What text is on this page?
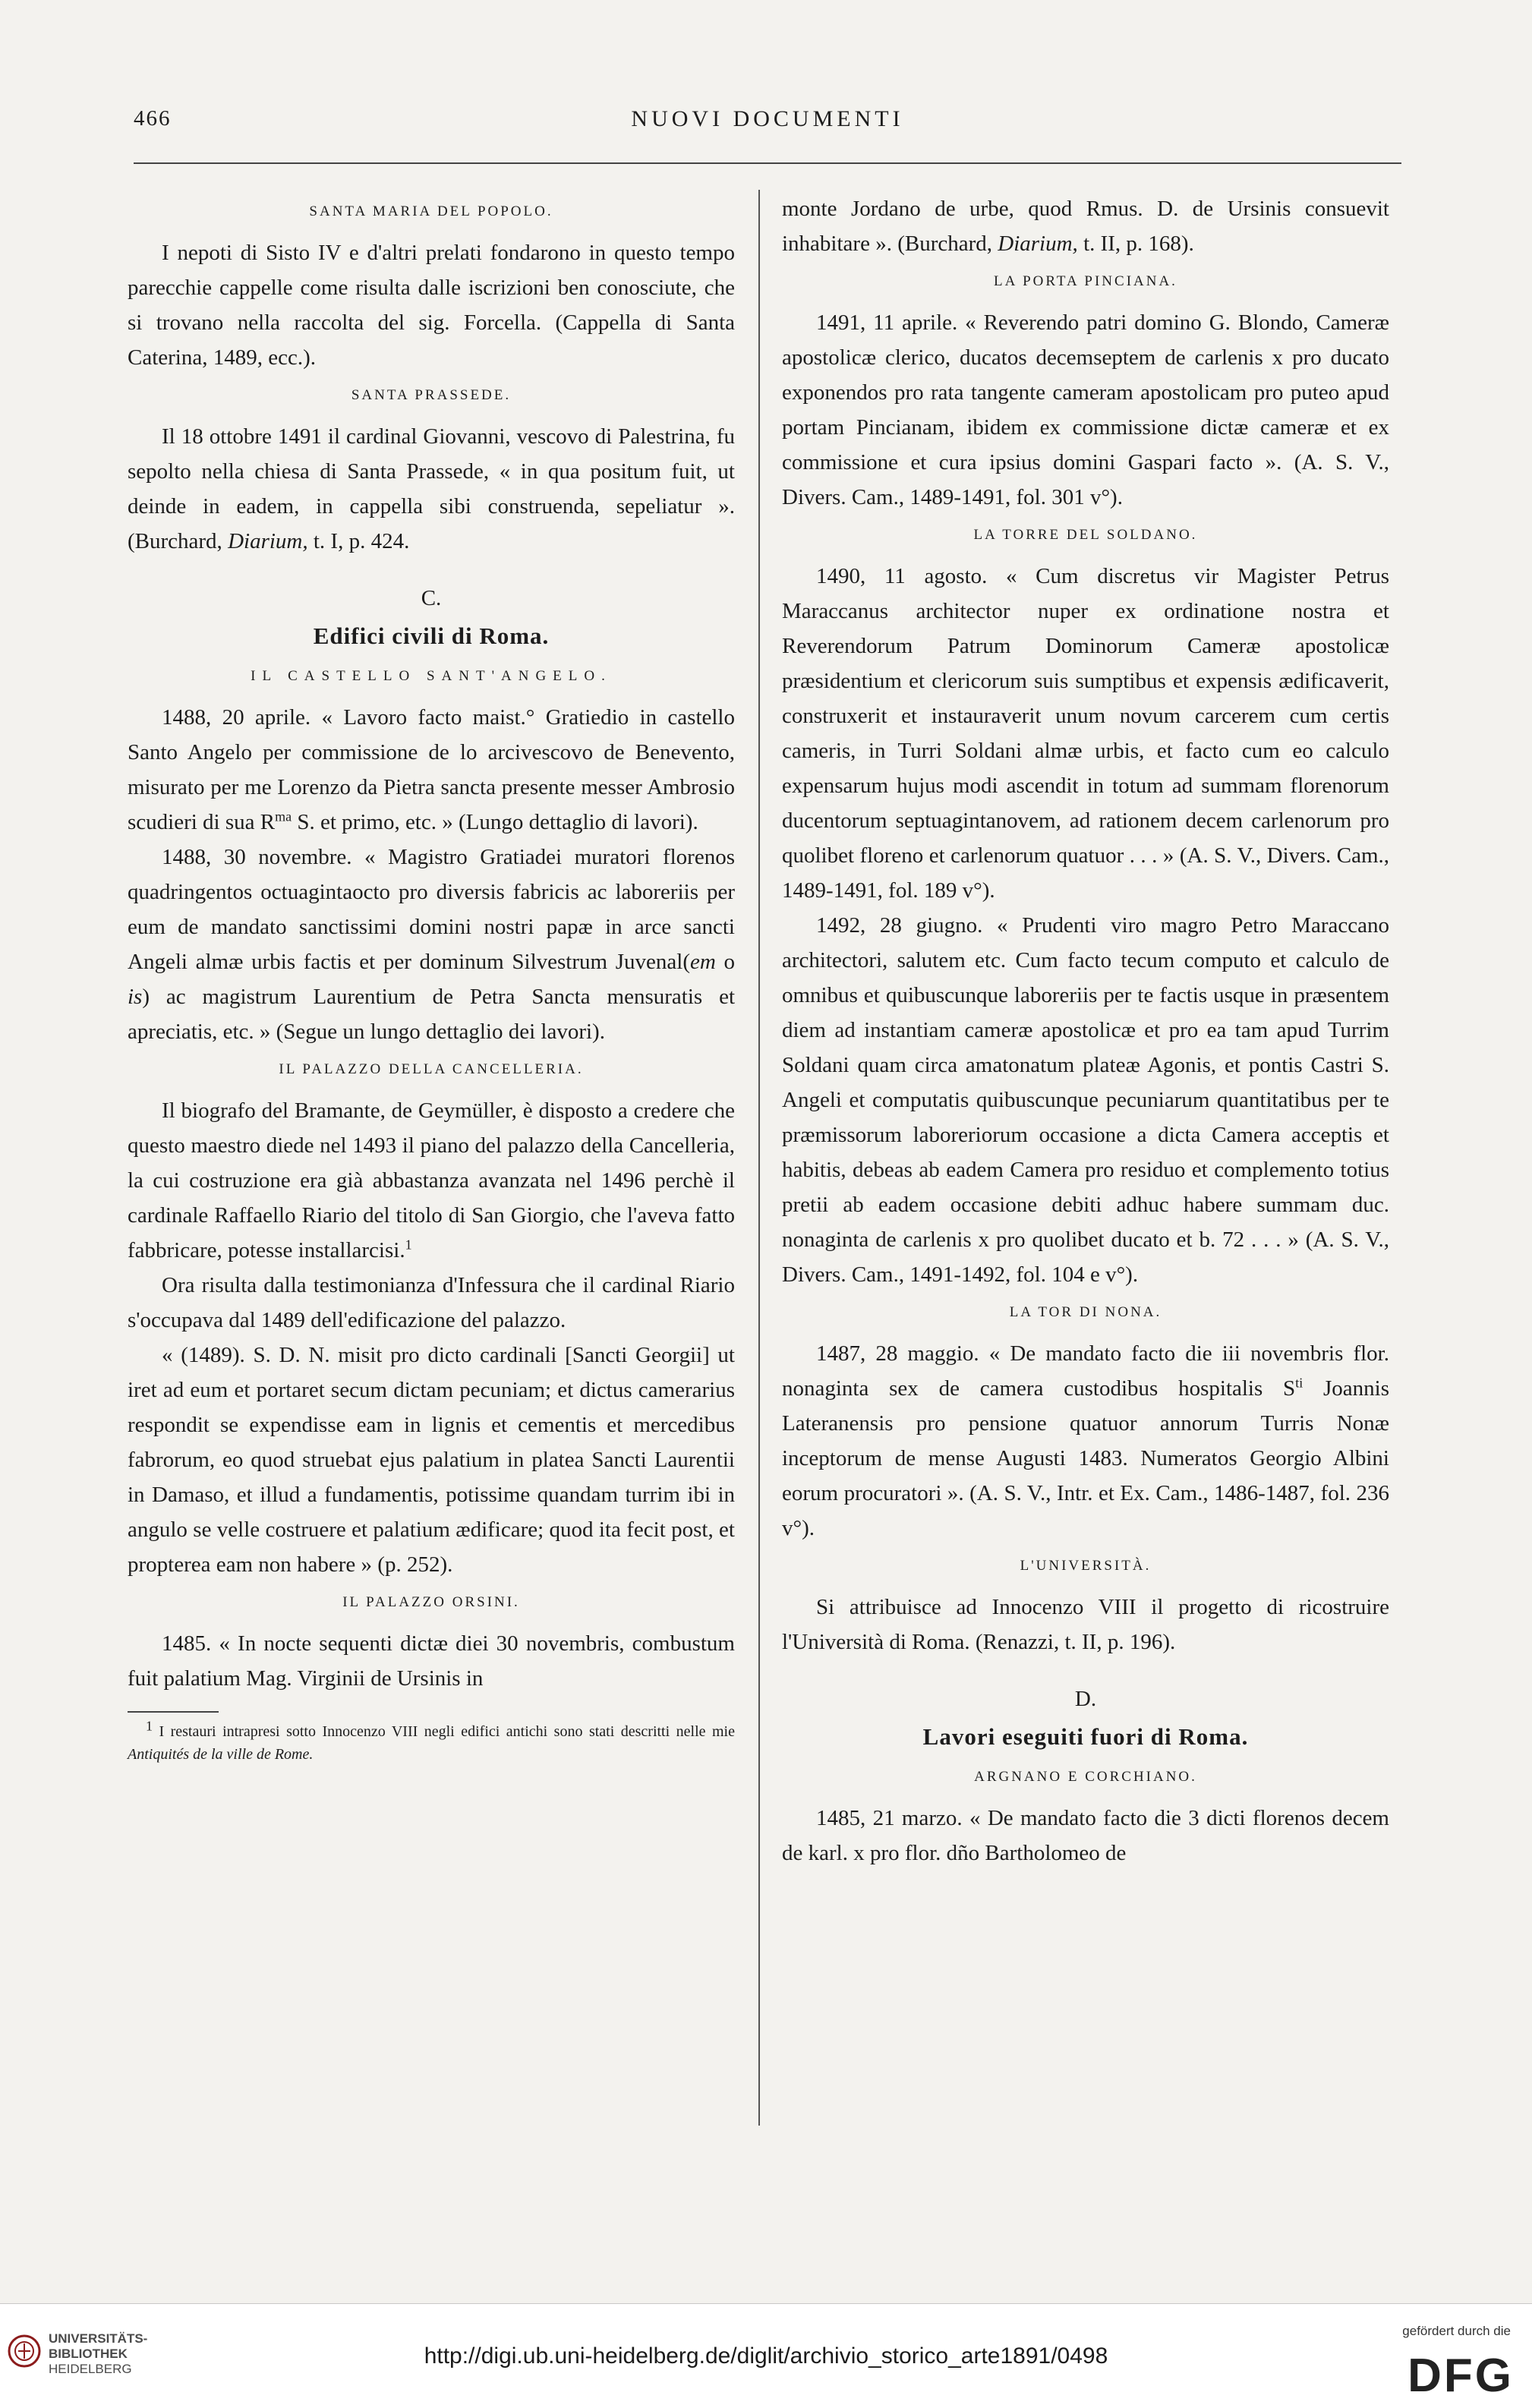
466	NUOVI DOCUMENTI
SANTA MARIA DEL POPOLO.

I nepoti di Sisto IV e d'altri prelati fondarono in questo tempo parecchie cappelle come risulta dalle iscrizioni ben conosciute, che si trovano nella raccolta del sig. Forcella. (Cappella di Santa Caterina, 1489, ecc.).

SANTA PRASSEDE.

Il 18 ottobre 1491 il cardinal Giovanni, vescovo di Palestrina, fu sepolto nella chiesa di Santa Prassede, « in qua positum fuit, ut deinde in eadem, in cappella sibi construenda, sepeliatur ». (Burchard, Diarium, t. I, p. 424.

C.
Edifici civili di Roma.
IL CASTELLO SANT'ANGELO.

1488, 20 aprile. « Lavoro facto maist.° Gratiedio in castello Santo Angelo per commissione de lo arcivescovo de Benevento, misurato per me Lorenzo da Pietra sancta presente messer Ambrosio scudieri di sua $R^{ma}$ S. et primo, etc. » (Lungo dettaglio di lavori).

1488, 30 novembre. « Magistro Gratiadei muratori florenos quadringentos octuagintaocto pro diversis fabricis ac laboreriis per eum de mandato sanctissimi domini nostri papæ in arce sancti Angeli almæ urbis factis et per dominum Silvestrum Juvenal(em o is) ac magistrum Laurentium de Petra Sancta mensuratis et apreciatis, etc. » (Segue un lungo dettaglio dei lavori).

IL PALAZZO DELLA CANCELLERIA.

Il biografo del Bramante, de Geymüller, è disposto a credere che questo maestro diede nel 1493 il piano del palazzo della Cancelleria, la cui costruzione era già abbastanza avanzata nel 1496 perchè il cardinale Raffaello Riario del titolo di San Giorgio, che l'aveva fatto fabbricare, potesse installarcisi.$^1$

Ora risulta dalla testimonianza d'Infessura che il cardinal Riario s'occupava dal 1489 dell'edificazione del palazzo.

« (1489). S. D. N. misit pro dicto cardinali [Sancti Georgii] ut iret ad eum et portaret secum dictam pecuniam; et dictus camerarius respondit se expendisse eam in lignis et cementis et mercedibus fabrorum, eo quod struebat ejus palatium in platea Sancti Laurentii in Damaso, et illud a fundamentis, potissime quandam turrim ibi in angulo se velle costruere et palatium ædificare; quod ita fecit post, et propterea eam non habere » (p. 252).

IL PALAZZO ORSINI.

1485. « In nocte sequenti dictæ diei 30 novembris, combustum fuit palatium Mag. Virginii de Ursinis in

$^1$ I restauri intrapresi sotto Innocenzo VIII negli edifici antichi sono stati descritti nelle mie Antiquités de la ville de Rome.

monte Jordano de urbe, quod Rmus. D. de Ursinis consuevit inhabitare ». (Burchard, Diarium, t. II, p. 168).

LA PORTA PINCIANA.

1491, 11 aprile. « Reverendo patri domino G. Blondo, Cameræ apostolicæ clerico, ducatos decemseptem de carlenis x pro ducato exponendos pro rata tangente cameram apostolicam pro puteo apud portam Pincianam, ibidem ex commissione dictæ cameræ et ex commissione et cura ipsius domini Gaspari facto ». (A. S. V., Divers. Cam., 1489-1491, fol. 301 v°).

LA TORRE DEL SOLDANO.

1490, 11 agosto. « Cum discretus vir Magister Petrus Maraccanus architector nuper ex ordinatione nostra et Reverendorum Patrum Dominorum Cameræ apostolicæ præsidentium et clericorum suis sumptibus et expensis ædificaverit, construxerit et instauraverit unum novum carcerem cum certis cameris, in Turri Soldani almæ urbis, et facto cum eo calculo expensarum hujus modi ascendit in totum ad summam florenorum ducentorum septuagintanovem, ad rationem decem carlenorum pro quolibet floreno et carlenorum quatuor . . . » (A. S. V., Divers. Cam., 1489-1491, fol. 189 v°).

1492, 28 giugno. « Prudenti viro magro Petro Maraccano architectori, salutem etc. Cum facto tecum computo et calculo de omnibus et quibuscunque laboreriis per te factis usque in præsentem diem ad instantiam cameræ apostolicæ et pro ea tam apud Turrim Soldani quam circa amatonatum plateæ Agonis, et pontis Castri S. Angeli et computatis quibuscunque pecuniarum quantitatibus per te præmissorum laboreriorum occasione a dicta Camera acceptis et habitis, debeas ab eadem Camera pro residuo et complemento totius pretii ab eadem occasione debiti adhuc habere summam duc. nonaginta de carlenis x pro quolibet ducato et b. 72 . . . » (A. S. V., Divers. Cam., 1491-1492, fol. 104 e v°).

LA TOR DI NONA.

1487, 28 maggio. « De mandato facto die iii novembris flor. nonaginta sex de camera custodibus hospitalis $S^{ti}$ Joannis Lateranensis pro pensione quatuor annorum Turris Nonæ inceptorum de mense Augusti 1483. Numeratos Georgio Albini eorum procuratori ». (A. S. V., Intr. et Ex. Cam., 1486-1487, fol. 236 v°).

L'UNIVERSITÀ.

Si attribuisce ad Innocenzo VIII il progetto di ricostruire l'Università di Roma. (Renazzi, t. II, p. 196).

D.
Lavori eseguiti fuori di Roma.
ARGNANO E CORCHIANO.

1485, 21 marzo. « De mandato facto die 3 dicti florenos decem de karl. x pro flor. dño Bartholomeo de

UNIVERSITÄTS-
BIBLIOTHEK
HEIDELBERG
http://digi.ub.uni-heidelberg.de/diglit/archivio_storico_arte1891/0498
gefördert durch die
DFG
